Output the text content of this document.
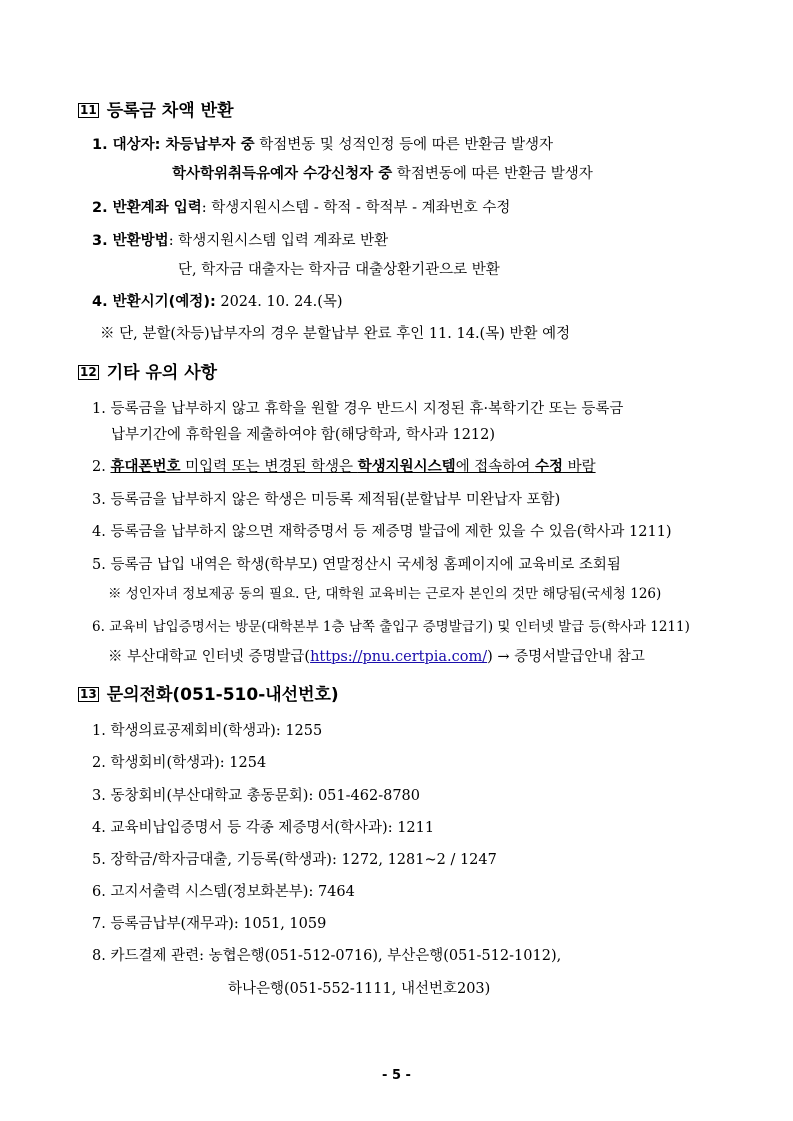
11 등록금 차액 반환
1. 대상자: 차등납부자 중 학점변동 및 성적인정 등에 따른 반환금 발생자
학사학위취득유예자 수강신청자 중 학점변동에 따른 반환금 발생자
2. 반환계좌 입력: 학생지원시스템 - 학적 - 학적부 - 계좌번호 수정
3. 반환방법: 학생지원시스템 입력 계좌로 반환
단, 학자금 대출자는 학자금 대출상환기관으로 반환
4. 반환시기(예정): 2024. 10. 24.(목)
※ 단, 분할(차등)납부자의 경우 분할납부 완료 후인 11. 14.(목) 반환 예정
12 기타 유의 사항
1. 등록금을 납부하지 않고 휴학을 원할 경우 반드시 지정된 휴·복학기간 또는 등록금
납부기간에 휴학원을 제출하여야 함(해당학과, 학사과 1212)
2. 휴대폰번호 미입력 또는 변경된 학생은 학생지원시스템에 접속하여 수정 바람
3. 등록금을 납부하지 않은 학생은 미등록 제적됨(분할납부 미완납자 포함)
4. 등록금을 납부하지 않으면 재학증명서 등 제증명 발급에 제한 있을 수 있음(학사과 1211)
5. 등록금 납입 내역은 학생(학부모) 연말정산시 국세청 홈페이지에 교육비로 조회됨
※ 성인자녀 정보제공 동의 필요. 단, 대학원 교육비는 근로자 본인의 것만 해당됨(국세청 126)
6. 교육비 납입증명서는 방문(대학본부 1층 남쪽 출입구 증명발급기) 및 인터넷 발급 등(학사과 1211)
※ 부산대학교 인터넷 증명발급(https://pnu.certpia.com/) → 증명서발급안내 참고
13 문의전화(051-510-내선번호)
1. 학생의료공제회비(학생과): 1255
2. 학생회비(학생과): 1254
3. 동창회비(부산대학교 총동문회): 051-462-8780
4. 교육비납입증명서 등 각종 제증명서(학사과): 1211
5. 장학금/학자금대출, 기등록(학생과): 1272, 1281~2 / 1247
6. 고지서출력 시스템(정보화본부): 7464
7. 등록금납부(재무과): 1051, 1059
8. 카드결제 관련: 농협은행(051-512-0716), 부산은행(051-512-1012),
하나은행(051-552-1111, 내선번호203)
- 5 -
